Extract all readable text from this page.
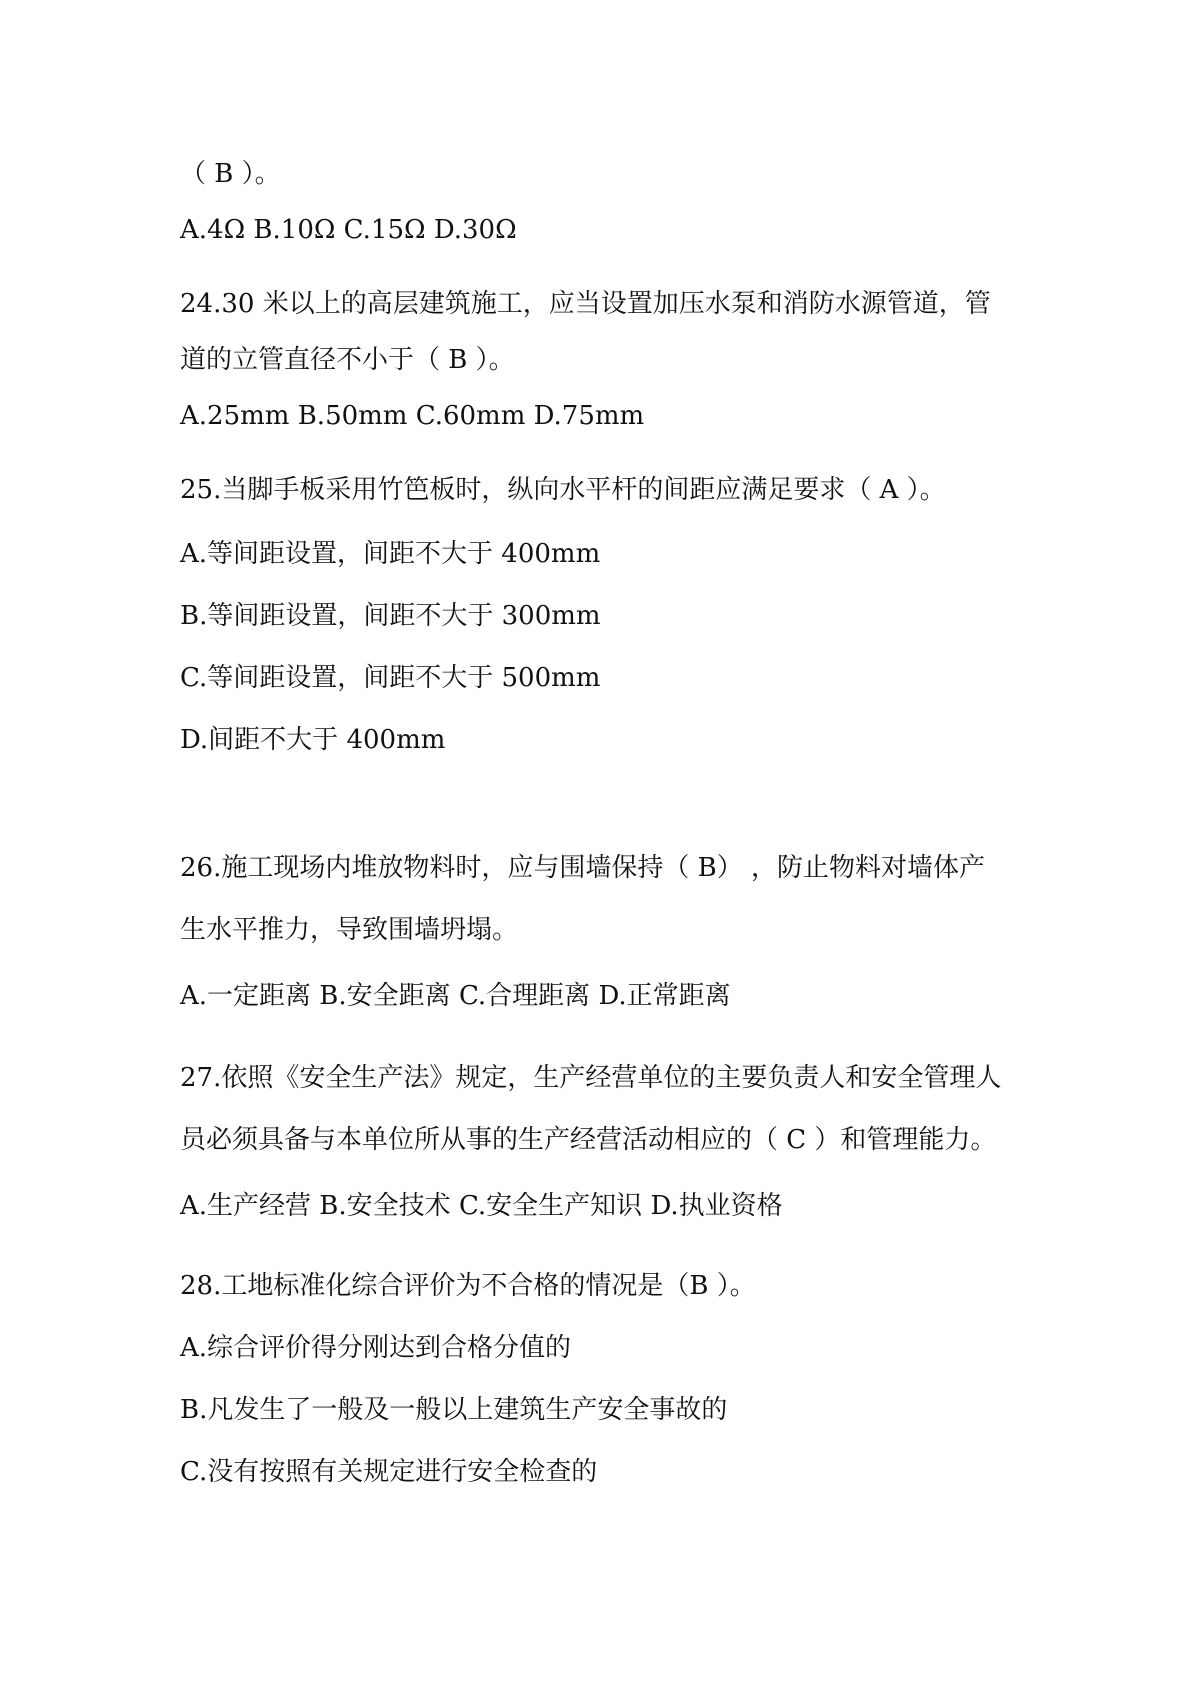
（ B ）。
A.4Ω B.10Ω C.15Ω D.30Ω
24.30 米以上的高层建筑施工，应当设置加压水泵和消防水源管道，管
道的立管直径不小于（ B ）。
A.25mm B.50mm C.60mm D.75mm
25.当脚手板采用竹笆板时，纵向水平杆的间距应满足要求（ A ）。
A.等间距设置，间距不大于 400mm
B.等间距设置，间距不大于 300mm
C.等间距设置，间距不大于 500mm
D.间距不大于 400mm
26.施工现场内堆放物料时，应与围墙保持（ B） ，防止物料对墙体产
生水平推力，导致围墙坍塌。
A.一定距离 B.安全距离 C.合理距离 D.正常距离
27.依照《安全生产法》规定，生产经营单位的主要负责人和安全管理人
员必须具备与本单位所从事的生产经营活动相应的（ C ）和管理能力。
A.生产经营 B.安全技术 C.安全生产知识 D.执业资格
28.工地标准化综合评价为不合格的情况是（B ）。
A.综合评价得分刚达到合格分值的
B.凡发生了一般及一般以上建筑生产安全事故的
C.没有按照有关规定进行安全检查的
